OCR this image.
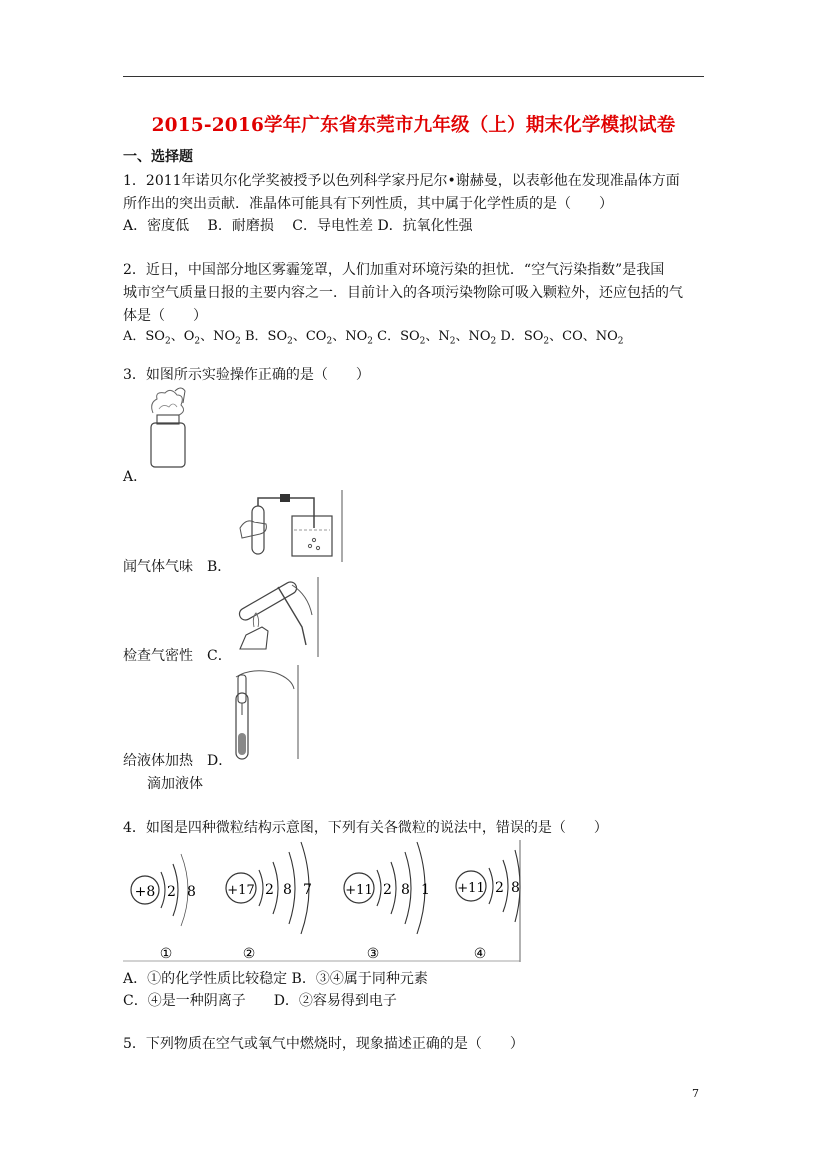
2015-2016学年广东省东莞市九年级（上）期末化学模拟试卷
一、选择题
1．2011年诺贝尔化学奖被授予以色列科学家丹尼尔•谢赫曼，以表彰他在发现准晶体方面
所作出的突出贡献．准晶体可能具有下列性质，其中属于化学性质的是（　　）
A．密度低　 B．耐磨损　 C．导电性差 D．抗氧化性强
2．近日，中国部分地区雾霾笼罩，人们加重对环境污染的担忧．“空气污染指数”是我国
城市空气质量日报的主要内容之一．目前计入的各项污染物除可吸入颗粒外，还应包括的气
体是（　　）
A．$SO_2$、$O_2$、$NO_2$ B．$SO_2$、$CO_2$、$NO_2$ C．$SO_2$、$N_2$、$NO_2$ D．$SO_2$、CO、$NO_2$
3．如图所示实验操作正确的是（　　）
A．
闻气体气味　 B．
检查气密性　 C．
给液体加热　 D．
滴加液体
4．如图是四种微粒结构示意图，下列有关各微粒的说法中，错误的是（　　）
+8 2 8
①
+17 2 8 7
②
+11 2 8 1
③
+11 2 8
④
A．①的化学性质比较稳定 B．③④属于同种元素
C．④是一种阴离子　　D．②容易得到电子
5．下列物质在空气或氧气中燃烧时，现象描述正确的是（　　）
7
